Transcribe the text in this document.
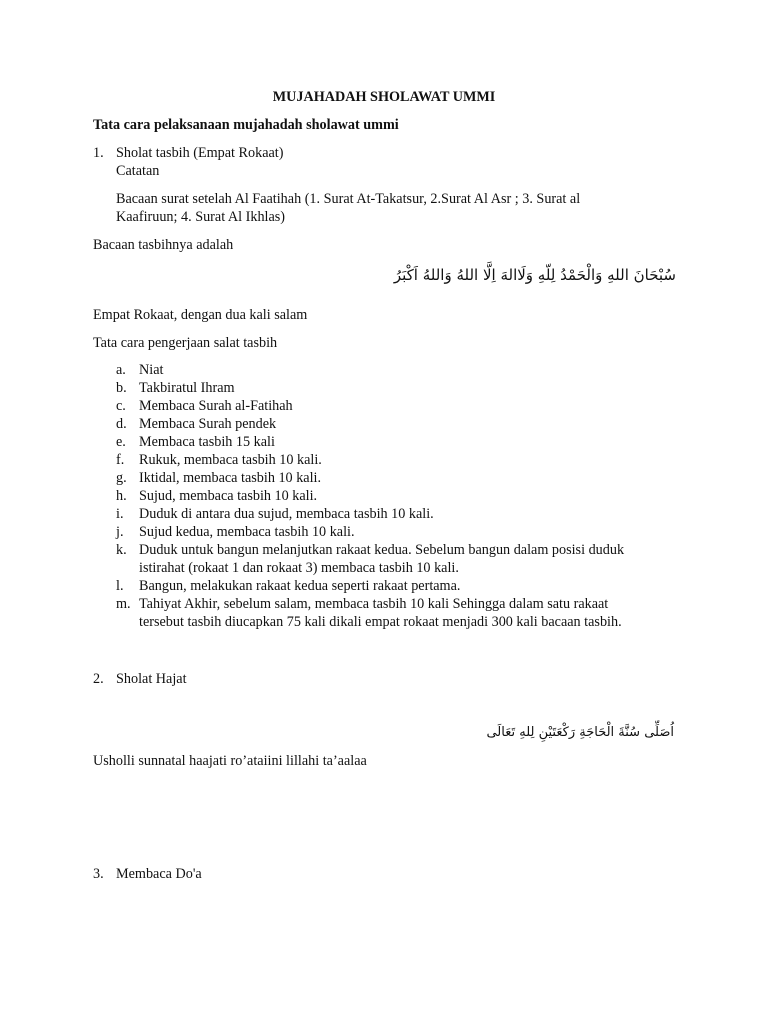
MUJAHADAH SHOLAWAT UMMI
Tata cara pelaksanaan mujahadah sholawat ummi
1. Sholat tasbih (Empat Rokaat)
Catatan
Bacaan surat setelah Al Faatihah (1. Surat At-Takatsur, 2.Surat Al Asr ; 3. Surat al
Kaafiruun; 4. Surat Al Ikhlas)
Bacaan tasbihnya adalah
سُبْحَانَ اللهِ وَالْحَمْدُ لِلّهِ وَلَاالهَ اِلَّا اللهُ وَاللهُ اَكْبَرُ
Empat Rokaat, dengan dua kali salam
Tata cara pengerjaan salat tasbih
a. Niat
b. Takbiratul Ihram
c. Membaca Surah al-Fatihah
d. Membaca Surah pendek
e. Membaca tasbih 15 kali
f. Rukuk, membaca tasbih 10 kali.
g. Iktidal, membaca tasbih 10 kali.
h. Sujud, membaca tasbih 10 kali.
i. Duduk di antara dua sujud, membaca tasbih 10 kali.
j. Sujud kedua, membaca tasbih 10 kali.
k. Duduk untuk bangun melanjutkan rakaat kedua. Sebelum bangun dalam posisi duduk
istirahat (rokaat 1 dan rokaat 3) membaca tasbih 10 kali.
l. Bangun, melakukan rakaat kedua seperti rakaat pertama.
m. Tahiyat Akhir, sebelum salam, membaca tasbih 10 kali Sehingga dalam satu rakaat
tersebut tasbih diucapkan 75 kali dikali empat rokaat menjadi 300 kali bacaan tasbih.
2. Sholat Hajat
اُصَلِّى سُنَّةَ الْحَاجَةِ رَكْعَتَيْنِ لِلهِ تَعَالَى
Usholli sunnatal haajati ro’ataiini lillahi ta’aalaa
3. Membaca Do'a
